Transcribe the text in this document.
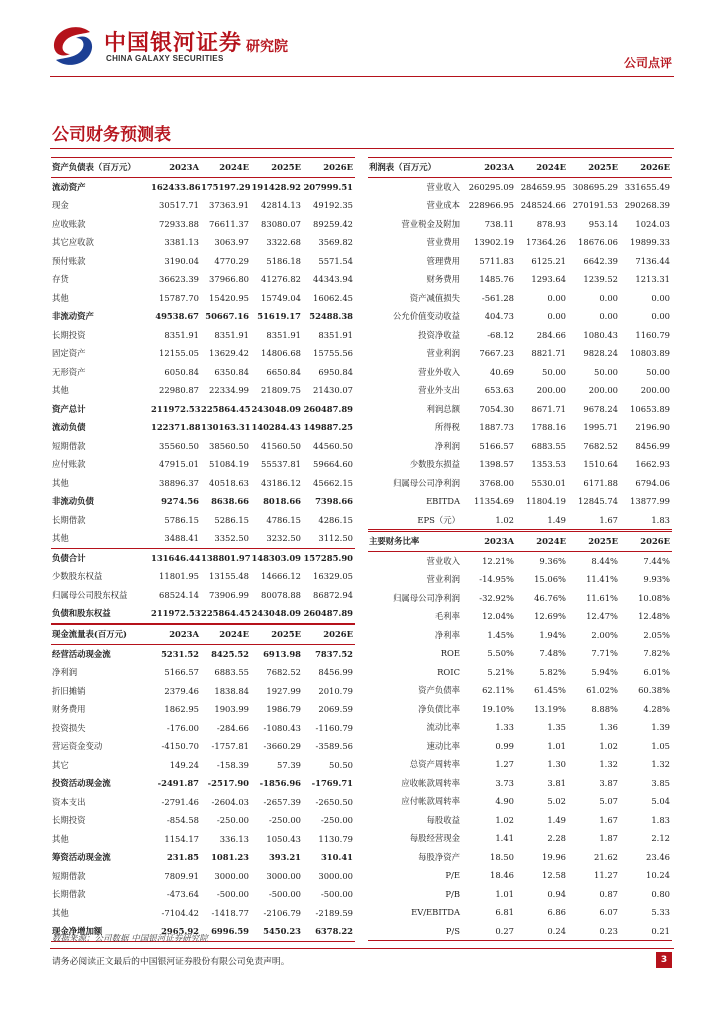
中国银河证券
CHINA GALAXY SECURITIES
研究院
公司点评
公司财务预测表
资产负债表（百万元）	2023A	2024E	2025E	2026E
流动资产	162433.86	175197.29	191428.92	207999.51
现金	30517.71	37363.91	42814.13	49192.35
应收账款	72933.88	76611.37	83080.07	89259.42
其它应收款	3381.13	3063.97	3322.68	3569.82
预付账款	3190.04	4770.29	5186.18	5571.54
存货	36623.39	37966.80	41276.82	44343.94
其他	15787.70	15420.95	15749.04	16062.45
非流动资产	49538.67	50667.16	51619.17	52488.38
长期投资	8351.91	8351.91	8351.91	8351.91
固定资产	12155.05	13629.42	14806.68	15755.56
无形资产	6050.84	6350.84	6650.84	6950.84
其他	22980.87	22334.99	21809.75	21430.07
资产总计	211972.53	225864.45	243048.09	260487.89
流动负债	122371.88	130163.31	140284.43	149887.25
短期借款	35560.50	38560.50	41560.50	44560.50
应付账款	47915.01	51084.19	55537.81	59664.60
其他	38896.37	40518.63	43186.12	45662.15
非流动负债	9274.56	8638.66	8018.66	7398.66
长期借款	5786.15	5286.15	4786.15	4286.15
其他	3488.41	3352.50	3232.50	3112.50
负债合计	131646.44	138801.97	148303.09	157285.90
少数股东权益	11801.95	13155.48	14666.12	16329.05
归属母公司股东权益	68524.14	73906.99	80078.88	86872.94
负债和股东权益	211972.53	225864.45	243048.09	260487.89
利润表（百万元）	2023A	2024E	2025E	2026E
营业收入	260295.09	284659.95	308695.29	331655.49
营业成本	228966.95	248524.66	270191.53	290268.39
营业税金及附加	738.11	878.93	953.14	1024.03
营业费用	13902.19	17364.26	18676.06	19899.33
管理费用	5711.83	6125.21	6642.39	7136.44
财务费用	1485.76	1293.64	1239.52	1213.31
资产减值损失	-561.28	0.00	0.00	0.00
公允价值变动收益	404.73	0.00	0.00	0.00
投资净收益	-68.12	284.66	1080.43	1160.79
营业利润	7667.23	8821.71	9828.24	10803.89
营业外收入	40.69	50.00	50.00	50.00
营业外支出	653.63	200.00	200.00	200.00
利润总额	7054.30	8671.71	9678.24	10653.89
所得税	1887.73	1788.16	1995.71	2196.90
净利润	5166.57	6883.55	7682.52	8456.99
少数股东损益	1398.57	1353.53	1510.64	1662.93
归属母公司净利润	3768.00	5530.01	6171.88	6794.06
EBITDA	11354.69	11804.19	12845.74	13877.99
EPS（元）	1.02	1.49	1.67	1.83
主要财务比率	2023A	2024E	2025E	2026E
营业收入	12.21%	9.36%	8.44%	7.44%
营业利润	-14.95%	15.06%	11.41%	9.93%
归属母公司净利润	-32.92%	46.76%	11.61%	10.08%
毛利率	12.04%	12.69%	12.47%	12.48%
净利率	1.45%	1.94%	2.00%	2.05%
ROE	5.50%	7.48%	7.71%	7.82%
ROIC	5.21%	5.82%	5.94%	6.01%
资产负债率	62.11%	61.45%	61.02%	60.38%
净负债比率	19.10%	13.19%	8.88%	4.28%
流动比率	1.33	1.35	1.36	1.39
速动比率	0.99	1.01	1.02	1.05
总资产周转率	1.27	1.30	1.32	1.32
应收帐款周转率	3.73	3.81	3.87	3.85
应付帐款周转率	4.90	5.02	5.07	5.04
每股收益	1.02	1.49	1.67	1.83
每股经营现金	1.41	2.28	1.87	2.12
每股净资产	18.50	19.96	21.62	23.46
P/E	18.46	12.58	11.27	10.24
P/B	1.01	0.94	0.87	0.80
EV/EBITDA	6.81	6.86	6.07	5.33
P/S	0.27	0.24	0.23	0.21
现金流量表(百万元)	2023A	2024E	2025E	2026E
经营活动现金流	5231.52	8425.52	6913.98	7837.52
净利润	5166.57	6883.55	7682.52	8456.99
折旧摊销	2379.46	1838.84	1927.99	2010.79
财务费用	1862.95	1903.99	1986.79	2069.59
投资损失	-176.00	-284.66	-1080.43	-1160.79
营运资金变动	-4150.70	-1757.81	-3660.29	-3589.56
其它	149.24	-158.39	57.39	50.50
投资活动现金流	-2491.87	-2517.90	-1856.96	-1769.71
资本支出	-2791.46	-2604.03	-2657.39	-2650.50
长期投资	-854.58	-250.00	-250.00	-250.00
其他	1154.17	336.13	1050.43	1130.79
筹资活动现金流	231.85	1081.23	393.21	310.41
短期借款	7809.91	3000.00	3000.00	3000.00
长期借款	-473.64	-500.00	-500.00	-500.00
其他	-7104.42	-1418.77	-2106.79	-2189.59
现金净增加额	2965.92	6996.59	5450.23	6378.22
数据来源：公司数据 中国银河证券研究院
请务必阅读正文最后的中国银河证券股份有限公司免责声明。	3
